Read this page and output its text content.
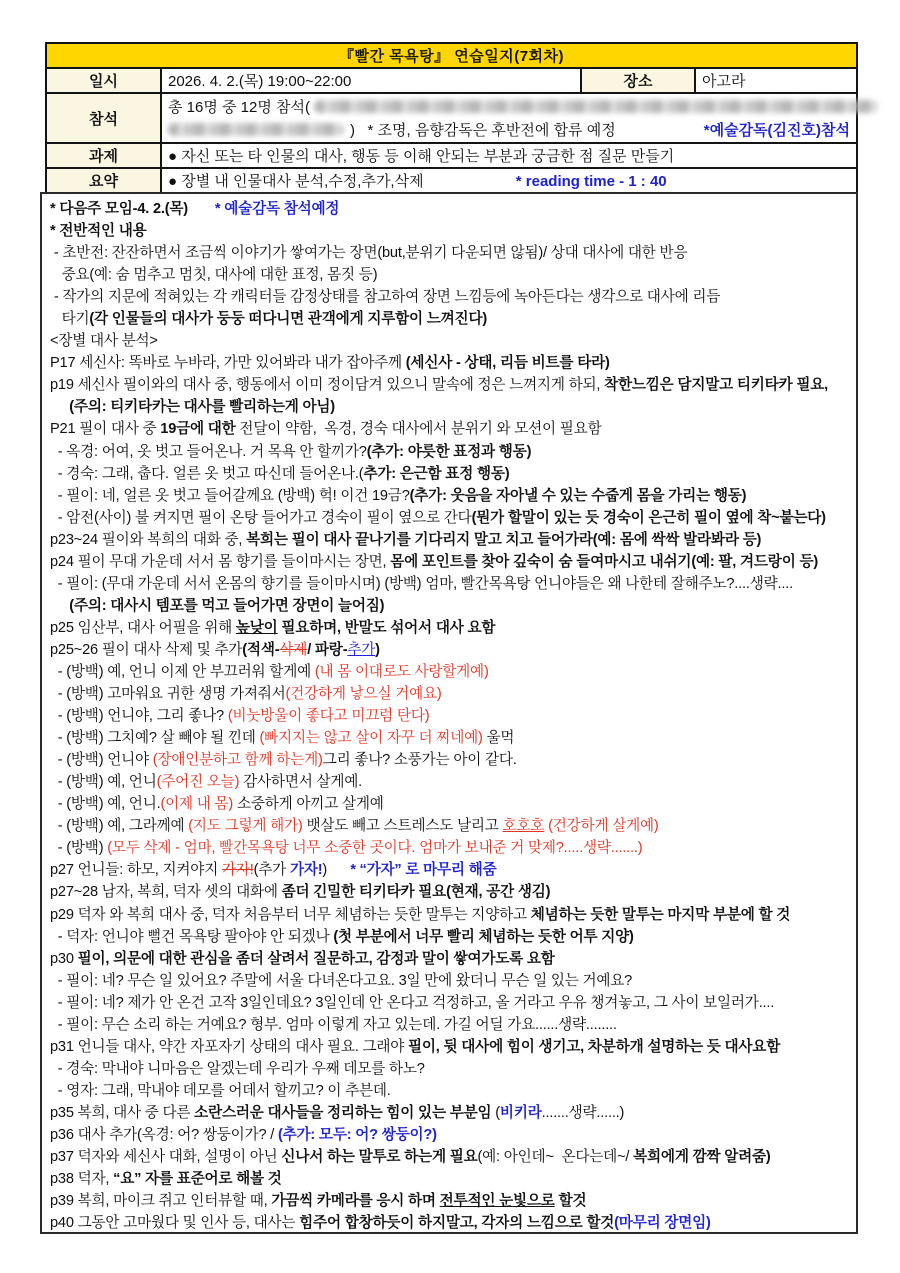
『빨간 목욕탕』 연습일지(7회차)			
일시	2026. 4. 2.(목) 19:00~22:00	장소	아고라
참석	총 16명 중 12명 참석(
)   * 조명, 음향감독은 후반전에 합류 예정 *예술감독(김진호)참석		

과제	● 자신 또는 타 인물의 대사, 행동 등 이해 안되는 부분과 궁금한 점 질문 만들기		
요약	● 장별 내 인물대사 분석,수정,추가,삭제 * reading time - 1 : 40		
* 다음주 모임-4. 2.(목)       * 예술감독 참석예정
* 전반적인 내용
- 초반전: 잔잔하면서 조금씩 이야기가 쌓여가는 장면(but,분위기 다운되면 않됨)/ 상대 대사에 대한 반응
중요(예: 숨 멈추고 멈칫, 대사에 대한 표정, 몸짓 등)
- 작가의 지문에 적혀있는 각 캐릭터들 감정상태를 참고하여 장면 느낌등에 녹아든다는 생각으로 대사에 리듬
타기(각 인물들의 대사가 둥둥 떠다니면 관객에게 지루함이 느껴진다)
<장별 대사 분석>
P17 세신사: 똑바로 누바라, 가만 있어봐라 내가 잡아주께 (세신사 - 상태, 리듬 비트를 타라)
p19 세신사 필이와의 대사 중, 행동에서 이미 정이담겨 있으니 말속에 정은 느껴지게 하되, 착한느낌은 담지말고 티키타카 필요,
(주의: 티키타카는 대사를 빨리하는게 아님)
P21 필이 대사 중 19금에 대한 전달이 약함,  옥경, 경숙 대사에서 분위기 와 모션이 필요함
- 옥경: 어여, 옷 벗고 들어온나. 거 목욕 안 할끼가?(추가: 야릇한 표정과 행동)
- 경숙: 그래, 춥다. 얼른 옷 벗고 따신데 들어온나.(추가: 은근함 표정 행동)
- 필이: 네, 얼른 옷 벗고 들어갈께요 (방백) 헉! 이건 19금?(추가: 웃음을 자아낼 수 있는 수줍게 몸을 가리는 행동)
- 암전(사이) 불 켜지면 필이 온탕 들어가고 경숙이 필이 옆으로 간다(뭔가 할말이 있는 듯 경숙이 은근히 필이 옆에 착~붙는다)
p23~24 필이와 복희의 대화 중, 복희는 필이 대사 끝나기를 기다리지 말고 치고 들어가라(예: 몸에 싹싹 발라봐라 등)
p24 필이 무대 가운데 서서 몸 향기를 들이마시는 장면, 몸에 포인트를 찾아 깊숙이 숨 들여마시고 내쉬기(예: 팔, 겨드랑이 등)
- 필이: (무대 가운데 서서 온몸의 향기를 들이마시며) (방백) 엄마, 빨간목욕탕 언니야들은 왜 나한테 잘해주노?....생략....
(주의: 대사시 템포를 먹고 들어가면 장면이 늘어짐)
p25 임산부, 대사 어필을 위해 높낮이 필요하며, 반말도 섞어서 대사 요함
p25~26 필이 대사 삭제 및 추가(적색-삭제/ 파랑-추가)
- (방백) 예, 언니 이제 안 부끄러워 할게예 (내 몸 이대로도 사랑할게예)
- (방백) 고마워요 귀한 생명 가져줘서(건강하게 낳으실 거예요)
- (방백) 언니야, 그리 좋나? (비눗방울이 좋다고 미끄럼 탄다)
- (방백) 그치예? 살 빼야 될 낀데 (빠지지는 않고 살이 자꾸 더 찌네예) 울먹
- (방백) 언니야 (장애인분하고 함께 하는게)그리 좋나? 소풍가는 아이 같다.
- (방백) 예, 언니(주어진 오늘) 감사하면서 살게예.
- (방백) 예, 언니.(이제 내 몸) 소중하게 아끼고 살게예
- (방백) 예, 그라께예 (지도 그렇게 해가) 뱃살도 빼고 스트레스도 날리고 호호호 (건강하게 살게예)
- (방백) (모두 삭제 - 엄마, 빨간목욕탕 너무 소중한 곳이다. 엄마가 보내준 거 맞제?.....생략.......)
p27 언니들: 하모, 지켜야지 가자!(추가 가자!)      * “가자” 로 마무리 해줌
p27~28 남자, 복희, 덕자 셋의 대화에 좀더 긴밀한 티키타카 필요(현재, 공간 생김)
p29 덕자 와 복희 대사 중, 덕자 처음부터 너무 체념하는 듯한 말투는 지양하고 체념하는 듯한 말투는 마지막 부분에 할 것
- 덕자: 언니야 뻘건 목욕탕 팔아야 안 되겠나 (첫 부분에서 너무 빨리 체념하는 듯한 어투 지양)
p30 필이, 의문에 대한 관심을 좀더 살려서 질문하고, 감정과 말이 쌓여가도록 요함
- 필이: 네? 무슨 일 있어요? 주말에 서울 다녀온다고요. 3일 만에 왔더니 무슨 일 있는 거예요?
- 필이: 네? 제가 안 온건 고작 3일인데요? 3일인데 안 온다고 걱정하고, 올 거라고 우유 챙겨놓고, 그 사이 보일러가....
- 필이: 무슨 소리 하는 거예요? 형부. 엄마 이렇게 자고 있는데. 가길 어딜 가요......생략........
p31 언니들 대사, 약간 자포자기 상태의 대사 필요. 그래야 필이, 뒷 대사에 힘이 생기고, 차분하개 설명하는 듯 대사요함
- 경숙: 막내야 니마음은 알겠는데 우리가 우째 데모를 하노?
- 영자: 그래, 막내야 데모를 어데서 할끼고? 이 추븐데.
p35 복희, 대사 중 다른 소란스러운 대사들을 정리하는 힘이 있는 부분임 (비키라.......생략......)
p36 대사 추가(옥경: 어? 쌍둥이가? / (추가: 모두: 어? 쌍둥이?)
p37 덕자와 세신사 대화, 설명이 아닌 신나서 하는 말투로 하는게 필요(예: 아인데~  온다는데~/ 복희에게 깜짝 알려줌)
p38 덕자, “요” 자를 표준어로 해볼 것
p39 복희, 마이크 쥐고 인터뷰할 때, 가끔씩 카메라를 응시 하며 전투적인 눈빛으로 할것
p40 그동안 고마웠다 및 인사 등, 대사는 힘주어 합창하듯이 하지말고, 각자의 느낌으로 할것(마무리 장면임)
